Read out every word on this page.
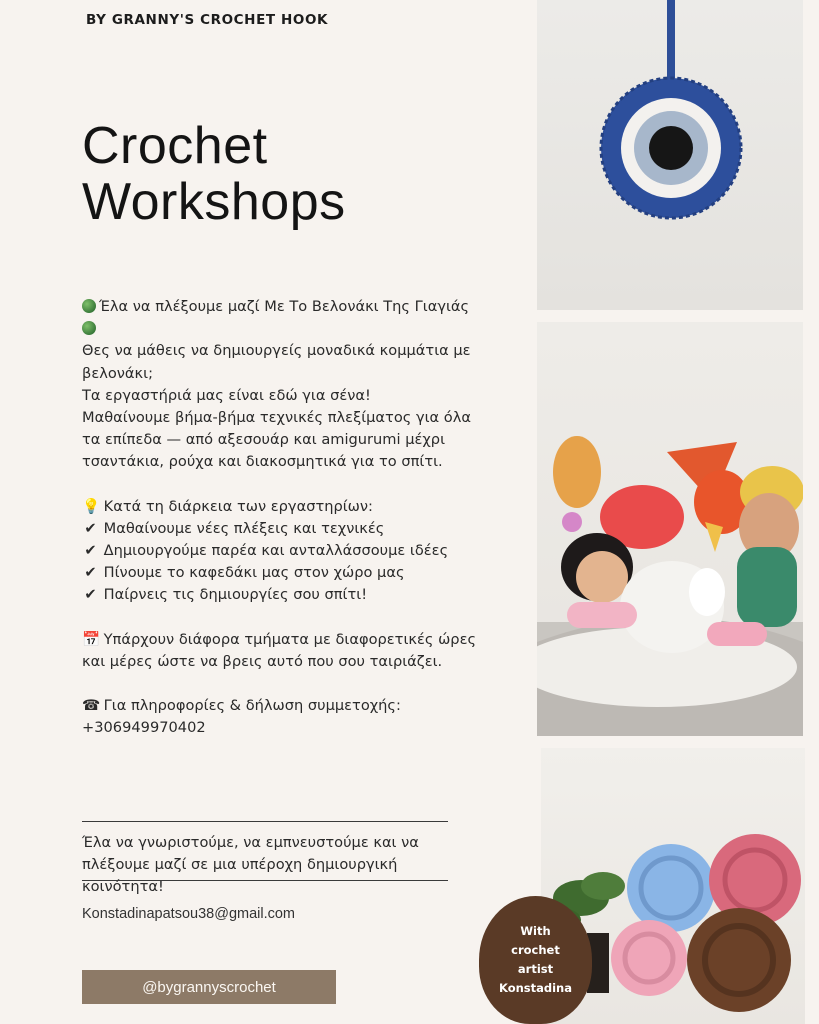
BY GRANNY'S CROCHET HOOK
Crochet
Workshops

Έλα να πλέξουμε μαζί Με Το Βελονάκι Της Γιαγιάς

Θες να μάθεις να δημιουργείς μοναδικά κομμάτια με βελονάκι;

Τα εργαστήριά μας είναι εδώ για σένα!

Μαθαίνουμε βήμα-βήμα τεχνικές πλεξίματος για όλα τα επίπεδα — από αξεσουάρ και amigurumi μέχρι τσαντάκια, ρούχα και διακοσμητικά για το σπίτι.

💡 Κατά τη διάρκεια των εργαστηρίων:

✔ Μαθαίνουμε νέες πλέξεις και τεχνικές

✔ Δημιουργούμε παρέα και ανταλλάσσουμε ιδέες

✔ Πίνουμε το καφεδάκι μας στον χώρο μας

✔ Παίρνεις τις δημιουργίες σου σπίτι!

📅 Υπάρχουν διάφορα τμήματα με διαφορετικές ώρες και μέρες ώστε να βρεις αυτό που σου ταιριάζει.

☎ Για πληροφορίες & δήλωση συμμετοχής:

+306949970402

Έλα να γνωριστούμε, να εμπνευστούμε και να πλέξουμε μαζί σε μια υπέροχη δημιουργική κοινότητα!
Konstadinapatsou38@gmail.com
@bygrannyscrochet
With
crochet
artist
Konstadina
